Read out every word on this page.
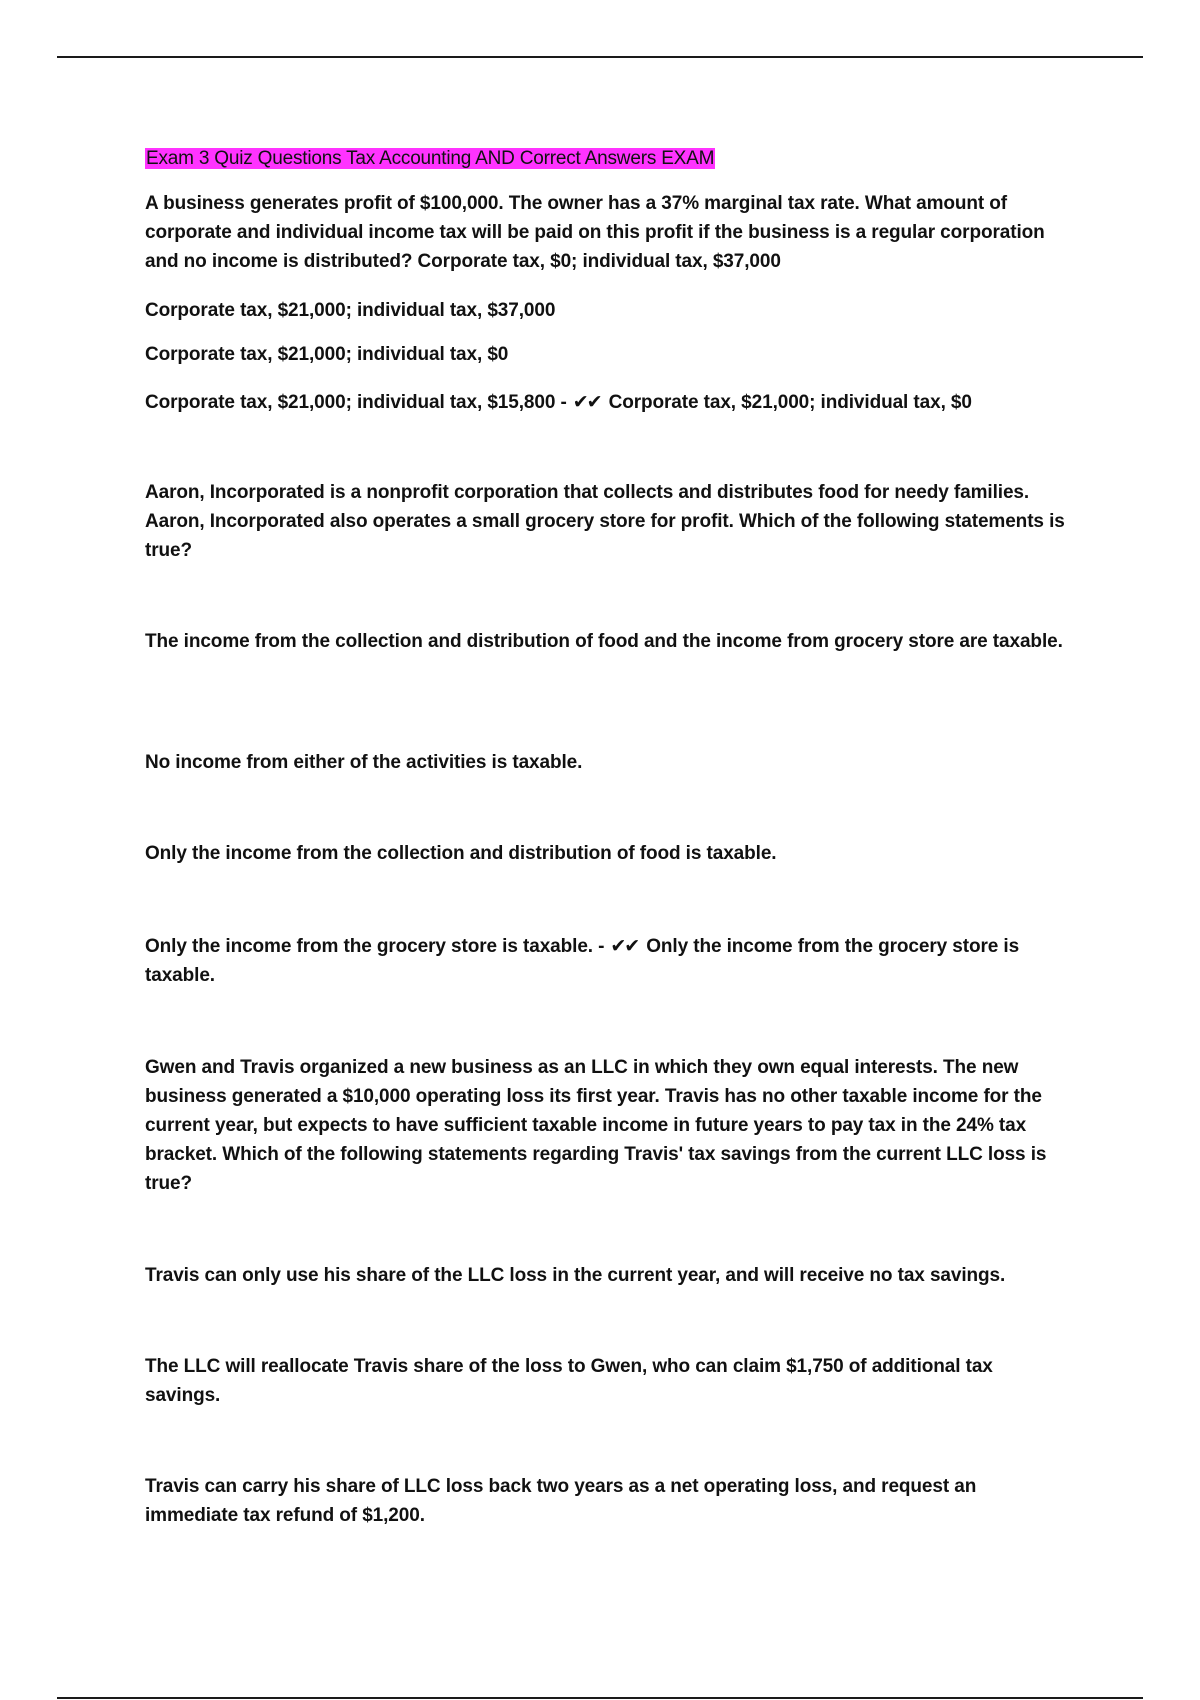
Exam 3 Quiz Questions Tax Accounting AND Correct Answers EXAM

A business generates profit of $100,000. The owner has a 37% marginal tax rate. What amount of corporate and individual income tax will be paid on this profit if the business is a regular corporation and no income is distributed? Corporate tax, $0; individual tax, $37,000

Corporate tax, $21,000; individual tax, $37,000

Corporate tax, $21,000; individual tax, $0

Corporate tax, $21,000; individual tax, $15,800 - ✔✔ Corporate tax, $21,000; individual tax, $0

Aaron, Incorporated is a nonprofit corporation that collects and distributes food for needy families. Aaron, Incorporated also operates a small grocery store for profit. Which of the following statements is true?

The income from the collection and distribution of food and the income from grocery store are taxable.

No income from either of the activities is taxable.

Only the income from the collection and distribution of food is taxable.

Only the income from the grocery store is taxable. - ✔✔ Only the income from the grocery store is taxable.

Gwen and Travis organized a new business as an LLC in which they own equal interests. The new business generated a $10,000 operating loss its first year. Travis has no other taxable income for the current year, but expects to have sufficient taxable income in future years to pay tax in the 24% tax bracket. Which of the following statements regarding Travis' tax savings from the current LLC loss is true?

Travis can only use his share of the LLC loss in the current year, and will receive no tax savings.

The LLC will reallocate Travis share of the loss to Gwen, who can claim $1,750 of additional tax savings.

Travis can carry his share of LLC loss back two years as a net operating loss, and request an immediate tax refund of $1,200.
